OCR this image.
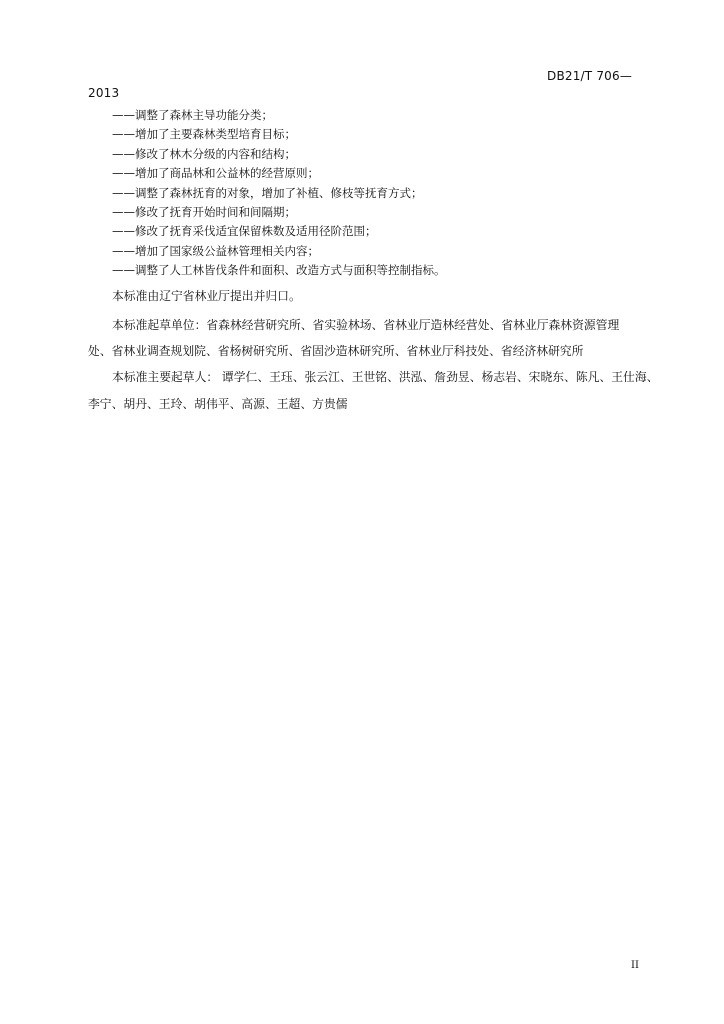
DB21/T 706—
2013
——调整了森林主导功能分类；
——增加了主要森林类型培育目标；
——修改了林木分级的内容和结构；
——增加了商品林和公益林的经营原则；
——调整了森林抚育的对象，增加了补植、修枝等抚育方式；
——修改了抚育开始时间和间隔期；
——修改了抚育采伐适宜保留株数及适用径阶范围；
——增加了国家级公益林管理相关内容；
——调整了人工林皆伐条件和面积、改造方式与面积等控制指标。
本标准由辽宁省林业厅提出并归口。
本标准起草单位：省森林经营研究所、省实验林场、省林业厅造林经营处、省林业厅森林资源管理
处、省林业调查规划院、省杨树研究所、省固沙造林研究所、省林业厅科技处、省经济林研究所
本标准主要起草人： 谭学仁、王珏、张云江、王世铭、洪泓、詹劲昱、杨志岩、宋晓东、陈凡、王仕海、
李宁、胡丹、王玲、胡伟平、高源、王超、方贵儒
II
